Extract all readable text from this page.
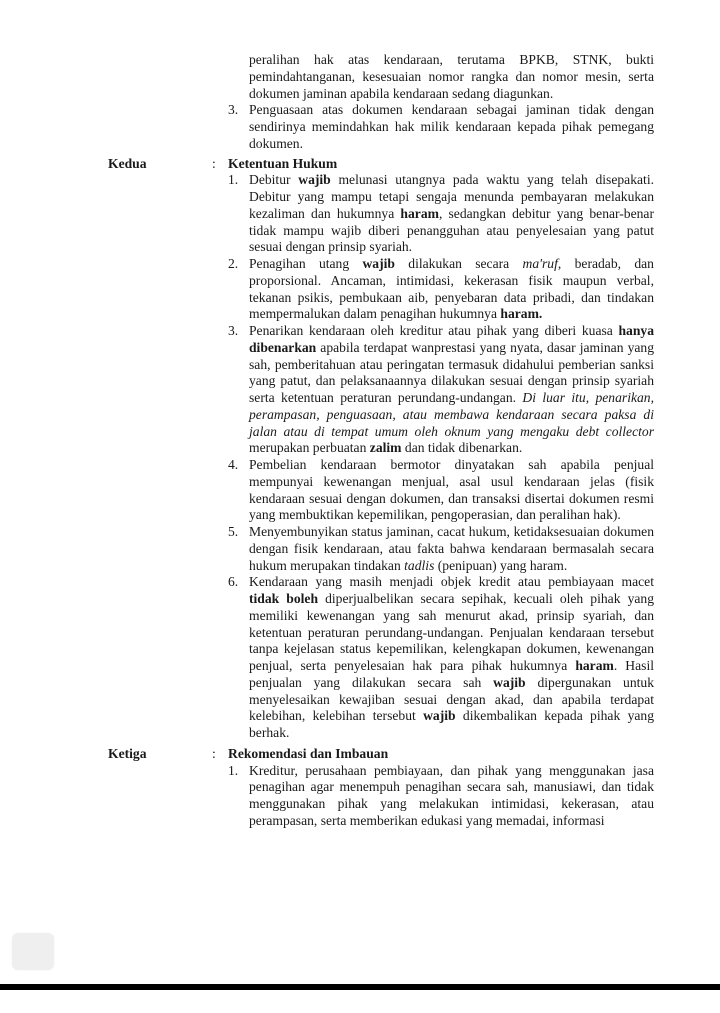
peralihan hak atas kendaraan, terutama BPKB, STNK, bukti pemindahtanganan, kesesuaian nomor rangka dan nomor mesin, serta dokumen jaminan apabila kendaraan sedang diagunkan.
3. Penguasaan atas dokumen kendaraan sebagai jaminan tidak dengan sendirinya memindahkan hak milik kendaraan kepada pihak pemegang dokumen.
Kedua	: Ketentuan Hukum
1. Debitur wajib melunasi utangnya pada waktu yang telah disepakati. Debitur yang mampu tetapi sengaja menunda pembayaran melakukan kezaliman dan hukumnya haram, sedangkan debitur yang benar-benar tidak mampu wajib diberi penangguhan atau penyelesaian yang patut sesuai dengan prinsip syariah.
2. Penagihan utang wajib dilakukan secara ma'ruf, beradab, dan proporsional. Ancaman, intimidasi, kekerasan fisik maupun verbal, tekanan psikis, pembukaan aib, penyebaran data pribadi, dan tindakan mempermalukan dalam penagihan hukumnya haram.
3. Penarikan kendaraan oleh kreditur atau pihak yang diberi kuasa hanya dibenarkan apabila terdapat wanprestasi yang nyata, dasar jaminan yang sah, pemberitahuan atau peringatan termasuk didahului pemberian sanksi yang patut, dan pelaksanaannya dilakukan sesuai dengan prinsip syariah serta ketentuan peraturan perundang-undangan. Di luar itu, penarikan, perampasan, penguasaan, atau membawa kendaraan secara paksa di jalan atau di tempat umum oleh oknum yang mengaku debt collector merupakan perbuatan zalim dan tidak dibenarkan.
4. Pembelian kendaraan bermotor dinyatakan sah apabila penjual mempunyai kewenangan menjual, asal usul kendaraan jelas (fisik kendaraan sesuai dengan dokumen, dan transaksi disertai dokumen resmi yang membuktikan kepemilikan, pengoperasian, dan peralihan hak).
5. Menyembunyikan status jaminan, cacat hukum, ketidaksesuaian dokumen dengan fisik kendaraan, atau fakta bahwa kendaraan bermasalah secara hukum merupakan tindakan tadlis (penipuan) yang haram.
6. Kendaraan yang masih menjadi objek kredit atau pembiayaan macet tidak boleh diperjualbelikan secara sepihak, kecuali oleh pihak yang memiliki kewenangan yang sah menurut akad, prinsip syariah, dan ketentuan peraturan perundang-undangan. Penjualan kendaraan tersebut tanpa kejelasan status kepemilikan, kelengkapan dokumen, kewenangan penjual, serta penyelesaian hak para pihak hukumnya haram. Hasil penjualan yang dilakukan secara sah wajib dipergunakan untuk menyelesaikan kewajiban sesuai dengan akad, dan apabila terdapat kelebihan, kelebihan tersebut wajib dikembalikan kepada pihak yang berhak.
Ketiga	: Rekomendasi dan Imbauan
1. Kreditur, perusahaan pembiayaan, dan pihak yang menggunakan jasa penagihan agar menempuh penagihan secara sah, manusiawi, dan tidak menggunakan pihak yang melakukan intimidasi, kekerasan, atau perampasan, serta memberikan edukasi yang memadai, informasi
